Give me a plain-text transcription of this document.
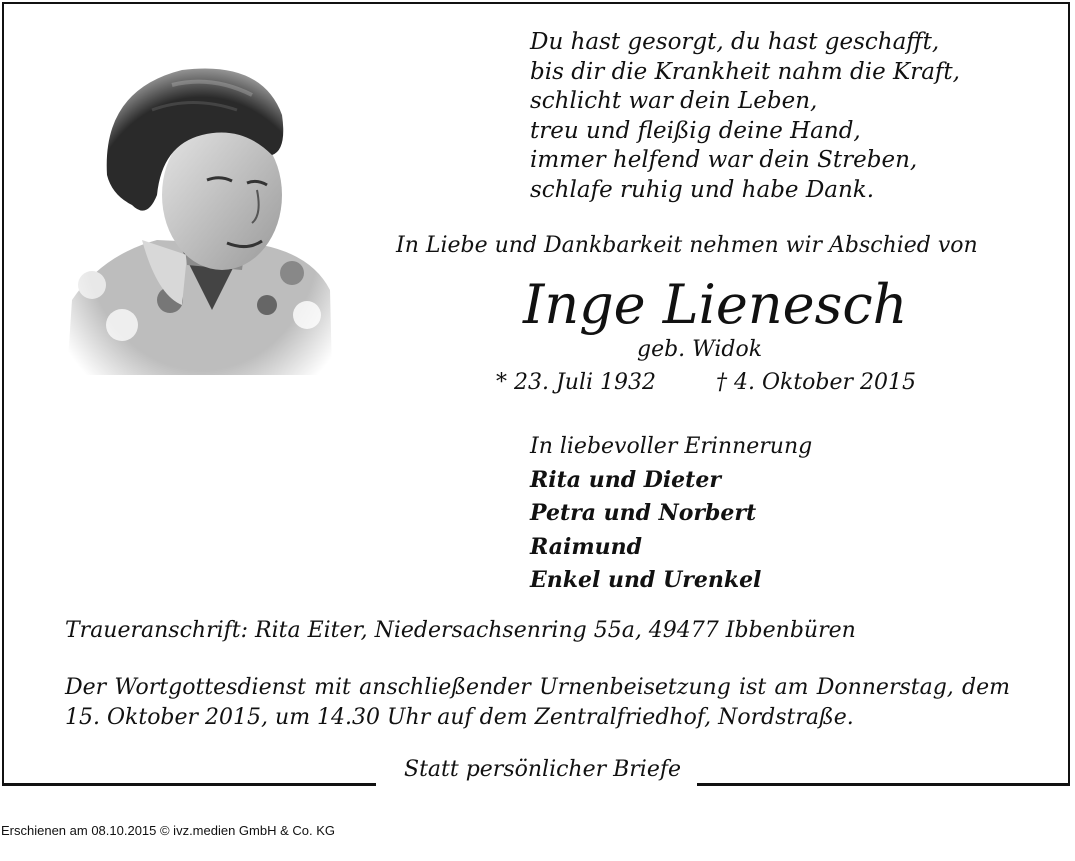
Du hast gesorgt, du hast geschafft,
bis dir die Krankheit nahm die Kraft,
schlicht war dein Leben,
treu und fleißig deine Hand,
immer helfend war dein Streben,
schlafe ruhig und habe Dank.
In Liebe und Dankbarkeit nehmen wir Abschied von
Inge Lienesch
geb. Widok
* 23. Juli 1932	† 4. Oktober 2015
In liebevoller Erinnerung
Rita und Dieter
Petra und Norbert
Raimund
Enkel und Urenkel
Traueranschrift: Rita Eiter, Niedersachsenring 55a, 49477 Ibbenbüren
Der Wortgottesdienst mit anschließender Urnenbeisetzung ist am Donnerstag, dem 15. Oktober 2015, um 14.30 Uhr auf dem Zentralfriedhof, Nordstraße.
Statt persönlicher Briefe
Erschienen am 08.10.2015 © ivz.medien GmbH & Co. KG
